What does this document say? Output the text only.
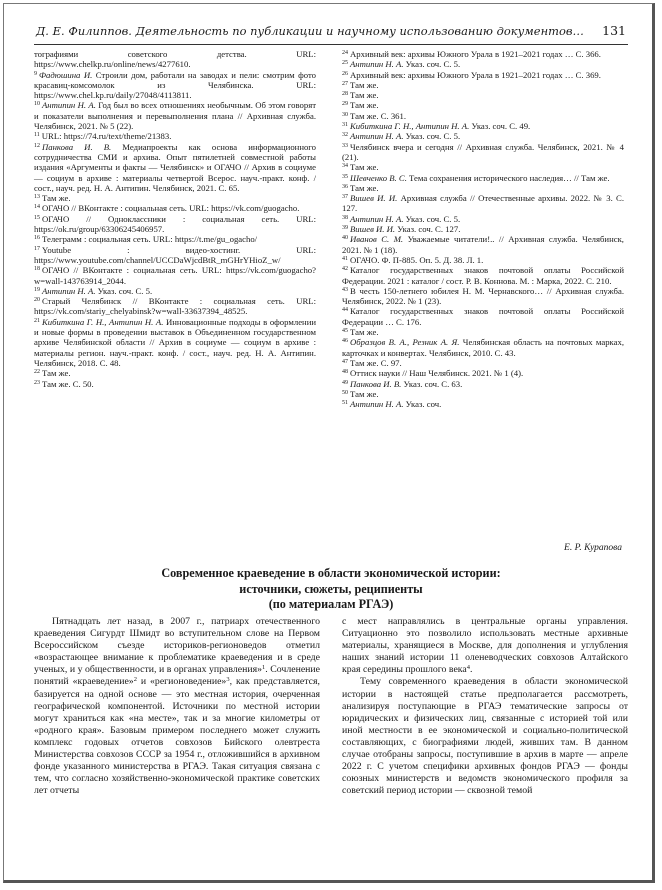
Д. Е. Филиппов. Деятельность по публикации и научному использованию документов… 131
тографиями советского детства. URL: https://www.chelkp.ru/online/news/4277610.
$^9$ Фадюшина И. Строили дом, работали на заводах и пели: смотрим фото красавиц-комсомолок из Челябинска. URL: https://www.chel.kp.ru/daily/27048/4113811.
$^{10}$ Антипин Н. А. Год был во всех отношениях необычным. Об этом говорят и показатели выполнения и перевыполнения плана // Архивная служба. Челябинск, 2021. № 5 (22).
$^{11}$ URL: https://74.ru/text/theme/21383.
$^{12}$ Панкова И. В. Медиапроекты как основа информационного сотрудничества СМИ и архива. Опыт пятилетней совместной работы издания «Аргументы и факты — Челябинск» и ОГАЧО // Архив в социуме — социум в архиве : материалы четвертой Всерос. науч.-практ. конф. / сост., науч. ред. Н. А. Антипин. Челябинск, 2021. С. 65.
$^{13}$ Там же.
$^{14}$ ОГАЧО // ВКонтакте : социальная сеть. URL: https://vk.com/guogacho.
$^{15}$ ОГАЧО // Одноклассники : социальная сеть. URL: https://ok.ru/group/63306245406957.
$^{16}$ Телеграмм : социальная сеть. URL: https://t.me/gu_ogacho/
$^{17}$ Youtube : видео-хостинг. URL: https://www.youtube.com/channel/UCCDaWjcdBtR_mGHrYHioZ_w/
$^{18}$ ОГАЧО // ВКонтакте : социальная сеть. URL: https://vk.com/guogacho?w=wall-143763914_2044.
$^{19}$ Антипин Н. А. Указ. соч. С. 5.
$^{20}$ Старый Челябинск // ВКонтакте : социальная сеть. URL: https://vk.com/stariy_chelyabinsk?w=wall-33637394_48525.
$^{21}$ Кибиткина Г. Н., Антипин Н. А. Инновационные подходы в оформлении и новые формы в проведении выставок в Объединенном государственном архиве Челябинской области // Архив в социуме — социум в архиве : материалы регион. науч.-практ. конф. / сост., науч. ред. Н. А. Антипин. Челябинск, 2018. С. 48.
$^{22}$ Там же.
$^{23}$ Там же. С. 50.
$^{24}$ Архивный век: архивы Южного Урала в 1921–2021 годах … С. 366.
$^{25}$ Антипин Н. А. Указ. соч. С. 5.
$^{26}$ Архивный век: архивы Южного Урала в 1921–2021 годах … С. 369.
$^{27}$ Там же.
$^{28}$ Там же.
$^{29}$ Там же.
$^{30}$ Там же. С. 361.
$^{31}$ Кибиткина Г. Н., Антипин Н. А. Указ. соч. С. 49.
$^{32}$ Антипин Н. А. Указ. соч. С. 5.
$^{33}$ Челябинск вчера и сегодня // Архивная служба. Челябинск, 2021. № 4 (21).
$^{34}$ Там же.
$^{35}$ Шевченко В. С. Тема сохранения исторического наследия… // Там же.
$^{36}$ Там же.
$^{37}$ Вишев И. И. Архивная служба // Отечественные архивы. 2022. № 3. С. 127.
$^{38}$ Антипин Н. А. Указ. соч. С. 5.
$^{39}$ Вишев И. И. Указ. соч. С. 127.
$^{40}$ Иванов С. М. Уважаемые читатели!.. // Архивная служба. Челябинск, 2021. № 1 (18).
$^{41}$ ОГАЧО. Ф. П-885. Оп. 5. Д. 38. Л. 1.
$^{42}$ Каталог государственных знаков почтовой оплаты Российской Федерации. 2021 : каталог / сост. Р. В. Коннова. М. : Марка, 2022. С. 210.
$^{43}$ В честь 150-летнего юбилея Н. М. Чернавского… // Архивная служба. Челябинск, 2022. № 1 (23).
$^{44}$ Каталог государственных знаков почтовой оплаты Российской Федерации … С. 176.
$^{45}$ Там же.
$^{46}$ Образцов В. А., Резник А. Я. Челябинская область на почтовых марках, карточках и конвертах. Челябинск, 2010. С. 43.
$^{47}$ Там же. С. 97.
$^{48}$ Оттиск науки // Наш Челябинск. 2021. № 1 (4).
$^{49}$ Панкова И. В. Указ. соч. С. 63.
$^{50}$ Там же.
$^{51}$ Антипин Н. А. Указ. соч.
Е. Р. Курапова
Современное краеведение в области экономической истории:
источники, сюжеты, реципиенты
(по материалам РГАЭ)

Пятнадцать лет назад, в 2007 г., патриарх отечественного краеведения Сигурдт Шмидт во вступительном слове на Первом Всероссийском съезде историков-регионоведов отметил «возрастающее внимание к проблематике краеведения и в среде ученых, и у общественности, и в органах управления»$^1$. Сочленение понятий «краеведение»$^2$ и «регионоведение»$^3$, как представляется, базируется на одной основе — это местная история, очерченная географической компонентой. Источники по местной истории могут храниться как «на месте», так и за многие километры от «родного края». Базовым примером последнего может служить комплекс годовых отчетов совхозов Бийского олевтреста Министерства совхозов СССР за 1954 г., отложившийся в архивном фонде указанного министерства в РГАЭ. Такая ситуация связана с тем, что согласно хозяйственно-экономической практике советских лет отчеты

с мест направлялись в центральные органы управления. Ситуационно это позволило использовать местные архивные материалы, хранящиеся в Москве, для дополнения и углубления наших знаний истории 11 оленеводческих совхозов Алтайского края середины прошлого века$^4$.

Тему современного краеведения в области экономической истории в настоящей статье предполагается рассмотреть, анализируя поступающие в РГАЭ тематические запросы от юридических и физических лиц, связанные с историей той или иной местности в ее экономической и социально-политической составляющих, с биографиями людей, живших там. В данном случае отобраны запросы, поступившие в архив в марте — апреле 2022 г. С учетом специфики архивных фондов РГАЭ — фонды союзных министерств и ведомств экономического профиля за советский период истории — сквозной темой
